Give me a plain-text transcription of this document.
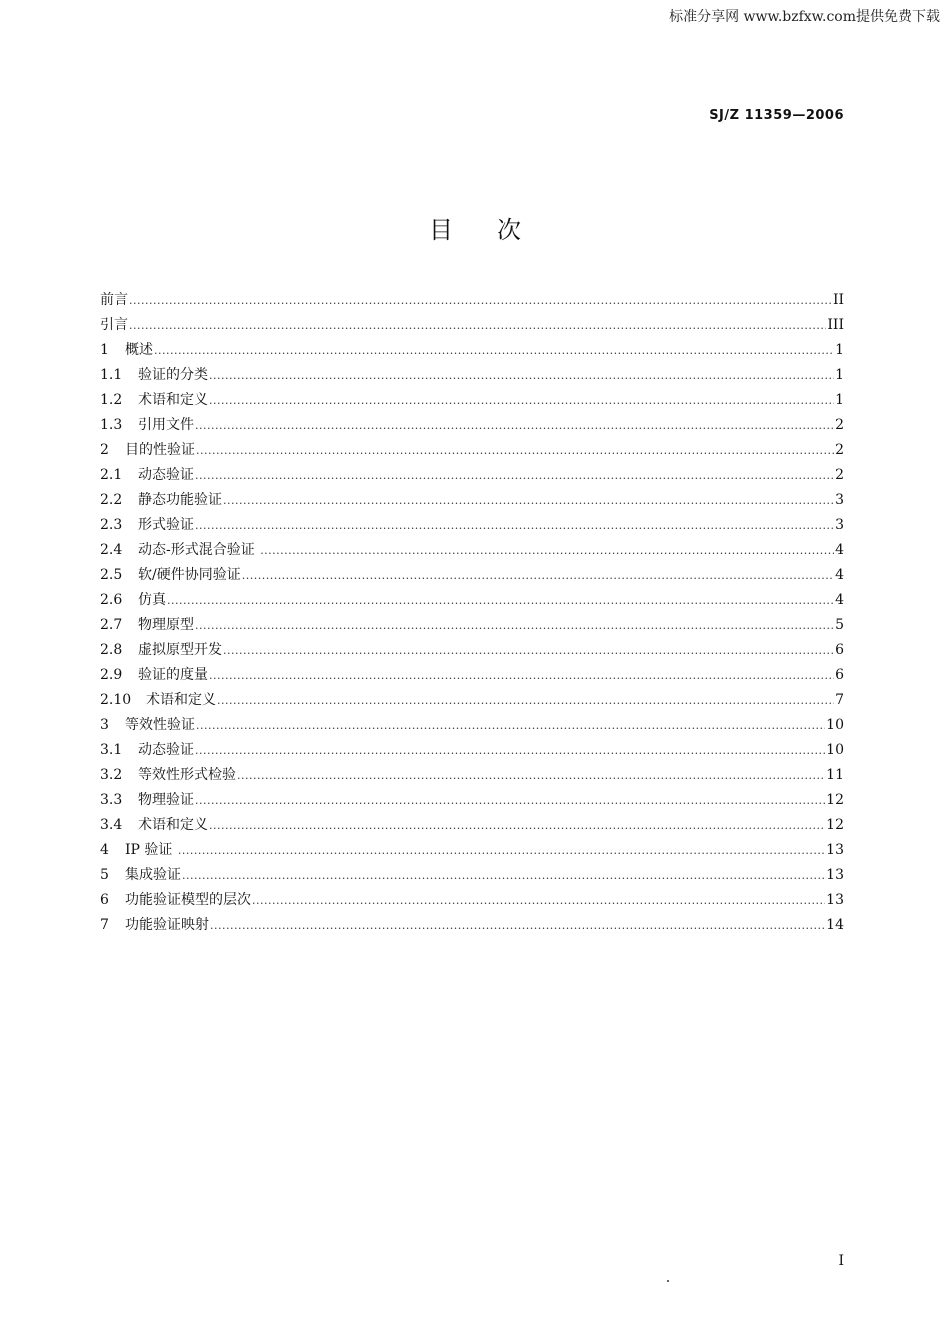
标准分享网 www.bzfxw.com提供免费下载
SJ/Z 11359—2006
目次
前言 .....	II
引言 .....	III
1	概述 .....	1
1.1	验证的分类 .....	1
1.2	术语和定义 .....	1
1.3	引用文件 .....	2
2	目的性验证 .....	2
2.1	动态验证 .....	2
2.2	静态功能验证 .....	3
2.3	形式验证 .....	3
2.4	动态-形式混合验证 .....	4
2.5	软/硬件协同验证 .....	4
2.6	仿真 .....	4
2.7	物理原型 .....	5
2.8	虚拟原型开发 .....	6
2.9	验证的度量 .....	6
2.10	术语和定义 .....	7
3	等效性验证 .....	10
3.1	动态验证 .....	10
3.2	等效性形式检验 .....	11
3.3	物理验证 .....	12
3.4	术语和定义 .....	12
4	IP 验证 .....	13
5	集成验证 .....	13
6	功能验证模型的层次 .....	13
7	功能验证映射 .....	14
I
